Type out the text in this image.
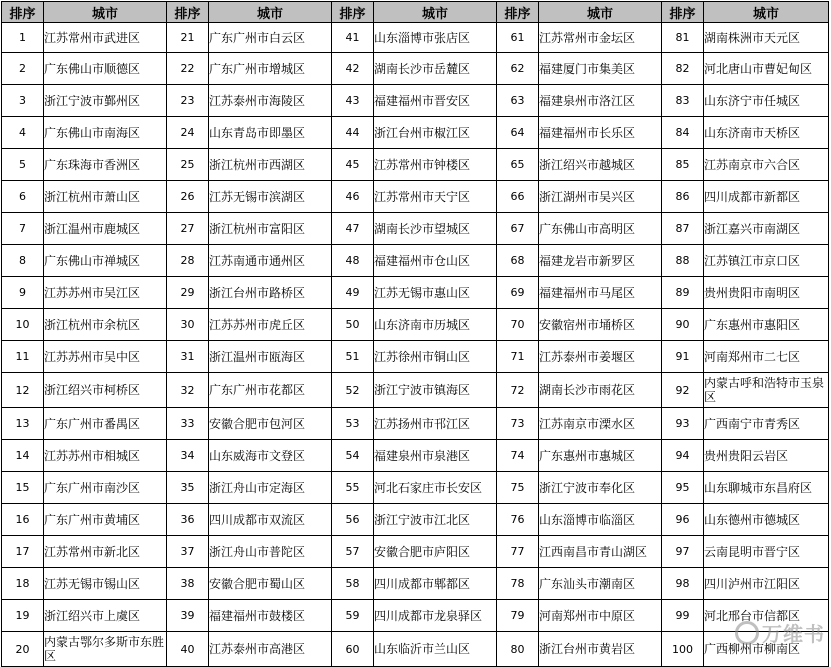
排序	城市	排序	城市	排序	城市	排序	城市	排序	城市
1	江苏常州市武进区	21	广东广州市白云区	41	山东淄博市张店区	61	江苏常州市金坛区	81	湖南株洲市天元区
2	广东佛山市顺德区	22	广东广州市增城区	42	湖南长沙市岳麓区	62	福建厦门市集美区	82	河北唐山市曹妃甸区
3	浙江宁波市鄞州区	23	江苏泰州市海陵区	43	福建福州市晋安区	63	福建泉州市洛江区	83	山东济宁市任城区
4	广东佛山市南海区	24	山东青岛市即墨区	44	浙江台州市椒江区	64	福建福州市长乐区	84	山东济南市天桥区
5	广东珠海市香洲区	25	浙江杭州市西湖区	45	江苏常州市钟楼区	65	浙江绍兴市越城区	85	江苏南京市六合区
6	浙江杭州市萧山区	26	江苏无锡市滨湖区	46	江苏常州市天宁区	66	浙江湖州市吴兴区	86	四川成都市新都区
7	浙江温州市鹿城区	27	浙江杭州市富阳区	47	湖南长沙市望城区	67	广东佛山市高明区	87	浙江嘉兴市南湖区
8	广东佛山市禅城区	28	江苏南通市通州区	48	福建福州市仓山区	68	福建龙岩市新罗区	88	江苏镇江市京口区
9	江苏苏州市吴江区	29	浙江台州市路桥区	49	江苏无锡市惠山区	69	福建福州市马尾区	89	贵州贵阳市南明区
10	浙江杭州市余杭区	30	江苏苏州市虎丘区	50	山东济南市历城区	70	安徽宿州市埇桥区	90	广东惠州市惠阳区
11	江苏苏州市吴中区	31	浙江温州市瓯海区	51	江苏徐州市铜山区	71	江苏泰州市姜堰区	91	河南郑州市二七区
12	浙江绍兴市柯桥区	32	广东广州市花都区	52	浙江宁波市镇海区	72	湖南长沙市雨花区	92	内蒙古呼和浩特市玉泉区
13	广东广州市番禺区	33	安徽合肥市包河区	53	江苏扬州市邗江区	73	江苏南京市溧水区	93	广西南宁市青秀区
14	江苏苏州市相城区	34	山东威海市文登区	54	福建泉州市泉港区	74	广东惠州市惠城区	94	贵州贵阳云岩区
15	广东广州市南沙区	35	浙江舟山市定海区	55	河北石家庄市长安区	75	浙江宁波市奉化区	95	山东聊城市东昌府区
16	广东广州市黄埔区	36	四川成都市双流区	56	浙江宁波市江北区	76	山东淄博市临淄区	96	山东德州市德城区
17	江苏常州市新北区	37	浙江舟山市普陀区	57	安徽合肥市庐阳区	77	江西南昌市青山湖区	97	云南昆明市晋宁区
18	江苏无锡市锡山区	38	安徽合肥市蜀山区	58	四川成都市郫都区	78	广东汕头市潮南区	98	四川泸州市江阳区
19	浙江绍兴市上虞区	39	福建福州市鼓楼区	59	四川成都市龙泉驿区	79	河南郑州市中原区	99	河北邢台市信都区
20	内蒙古鄂尔多斯市东胜区	40	江苏泰州市高港区	60	山东临沂市兰山区	80	浙江台州市黄岩区	100	广西柳州市柳南区
万维书
